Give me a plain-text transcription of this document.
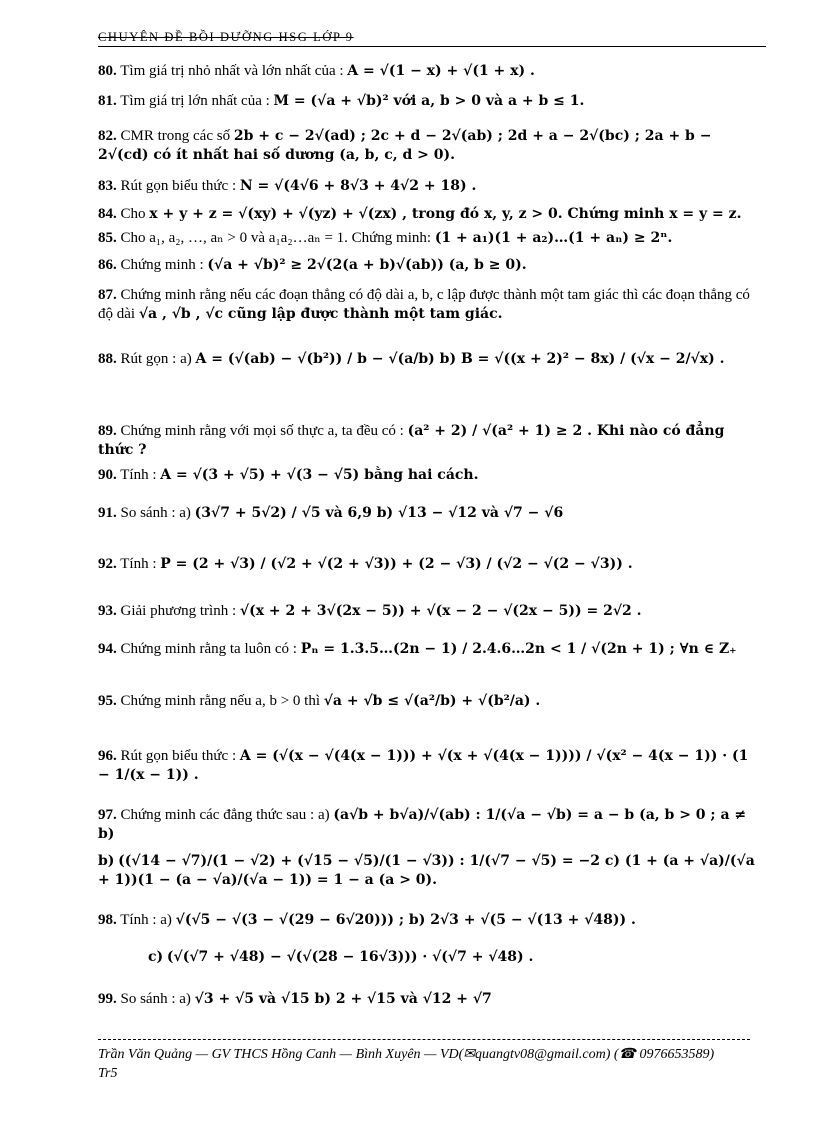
CHUYÊN ĐỀ BỒI DƯỠNG HSG LỚP 9
80. Tìm giá trị nhỏ nhất và lớn nhất của : A = √(1 − x) + √(1 + x) .
81. Tìm giá trị lớn nhất của : M = (√a + √b)² với a, b > 0 và a + b ≤ 1.
82. CMR trong các số 2b + c − 2√(ad) ; 2c + d − 2√(ab) ; 2d + a − 2√(bc) ; 2a + b − 2√(cd) có ít nhất hai số dương (a, b, c, d > 0).
83. Rút gọn biểu thức : N = √(4√6 + 8√3 + 4√2 + 18) .
84. Cho x + y + z = √(xy) + √(yz) + √(zx) , trong đó x, y, z > 0. Chứng minh x = y = z.
85. Cho a₁, a₂, …, aₙ > 0 và a₁a₂…aₙ = 1. Chứng minh: (1 + a₁)(1 + a₂)…(1 + aₙ) ≥ 2ⁿ.
86. Chứng minh : (√a + √b)² ≥ 2√(2(a + b)√(ab)) (a, b ≥ 0).
87. Chứng minh rằng nếu các đoạn thẳng có độ dài a, b, c lập được thành một tam giác thì các đoạn thẳng có độ dài √a , √b , √c cũng lập được thành một tam giác.
88. Rút gọn : a) A = (√(ab) − √(b²)) / b − √(a/b) b) B = √((x + 2)² − 8x) / (√x − 2/√x) .
89. Chứng minh rằng với mọi số thực a, ta đều có : (a² + 2) / √(a² + 1) ≥ 2 . Khi nào có đẳng thức ?
90. Tính : A = √(3 + √5) + √(3 − √5) bằng hai cách.
91. So sánh : a) (3√7 + 5√2) / √5 và 6,9 b) √13 − √12 và √7 − √6
92. Tính : P = (2 + √3) / (√2 + √(2 + √3)) + (2 − √3) / (√2 − √(2 − √3)) .
93. Giải phương trình : √(x + 2 + 3√(2x − 5)) + √(x − 2 − √(2x − 5)) = 2√2 .
94. Chứng minh rằng ta luôn có : Pₙ = 1.3.5…(2n − 1) / 2.4.6…2n < 1 / √(2n + 1) ; ∀n ∈ Z₊
95. Chứng minh rằng nếu a, b > 0 thì √a + √b ≤ √(a²/b) + √(b²/a) .
96. Rút gọn biểu thức : A = (√(x − √(4(x − 1))) + √(x + √(4(x − 1)))) / √(x² − 4(x − 1)) · (1 − 1/(x − 1)) .
97. Chứng minh các đẳng thức sau : a) (a√b + b√a)/√(ab) : 1/(√a − √b) = a − b (a, b > 0 ; a ≠ b)
b) ((√14 − √7)/(1 − √2) + (√15 − √5)/(1 − √3)) : 1/(√7 − √5) = −2 c) (1 + (a + √a)/(√a + 1))(1 − (a − √a)/(√a − 1)) = 1 − a (a > 0).
98. Tính : a) √(√5 − √(3 − √(29 − 6√20))) ; b) 2√3 + √(5 − √(13 + √48)) .
c) (√(√7 + √48) − √(√(28 − 16√3))) · √(√7 + √48) .
99. So sánh : a) √3 + √5 và √15 b) 2 + √15 và √12 + √7
Trần Văn Quảng — GV THCS Hồng Canh — Bình Xuyên — VD(✉quangtv08@gmail.com) (☎ 0976653589)
Tr5
